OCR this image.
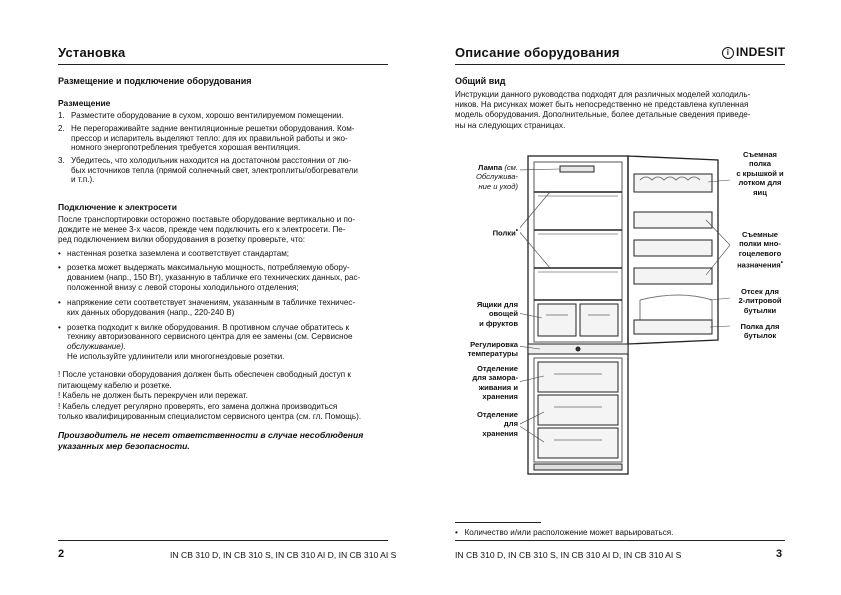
Установка
Размещение и подключение оборудования
Размещение
1. Разместите оборудование в сухом, хорошо вентилируемом помещении.
2. Не перегораживайте задние вентиляционные решетки оборудования. Ком-
прессор и испаритель выделяют тепло: для их правильной работы и эко-
номного энергопотребления требуется хорошая вентиляция.
3. Убедитесь, что холодильник находится на достаточном расстоянии от лю-
бых источников тепла (прямой солнечный свет, электроплиты/обогреватели
и т.п.).
Подключение к электросети
После транспортировки осторожно поставьте оборудование вертикально и по-
дождите не менее 3-х часов, прежде чем подключить его к электросети. Пе-
ред подключением вилки оборудования в розетку проверьте, что:
• настенная розетка заземлена и соответствует стандартам;
• розетка может выдержать максимальную мощность, потребляемую обору-
дованием (напр., 150 Вт), указанную в табличке его технических данных, рас-
положенной внизу с левой стороны холодильного отделения;
• напряжение сети соответствует значениям, указанным в табличке техничес-
ких данных оборудования (напр., 220-240 В)
• розетка подходит к вилке оборудования. В противном случае обратитесь к
технику авторизованного сервисного центра для ее замены (см. Сервисное
обслуживание).
Не используйте удлинители или многогнездовые розетки.
! После установки оборудования должен быть обеспечен свободный доступ к
питающему кабелю и розетке.
! Кабель не должен быть перекручен или пережат.
! Кабель следует регулярно проверять, его замена должна производиться
только квалифицированным специалистом сервисного центра (см. гл. Помощь).
Производитель не несет ответственности в случае несоблюдения
указанных мер безопасности.
2	IN CB 310 D, IN CB 310 S, IN CB 310 AI D, IN CB 310 AI S
Описание оборудования	i INDESIT
Общий вид
Инструкции данного руководства подходят для различных моделей холодиль-
ников. На рисунках может быть непосредственно не представлена купленная
модель оборудования. Дополнительные, более детальные сведения приведе-
ны на следующих страницах.
Лампа (см.
Обслужива-
ние и уход)
Полки•
Ящики для
овощей
и фруктов
Регулировка
температуры
Отделение
для замора-
живания и
хранения
Отделение
для
хранения
Съемная
полка
с крышкой и
лотком для
яиц
Съемные
полки мно-
гоцелевого
назначения•
Отсек для
2-литровой
бутылки
Полка для
бутылок
• Количество и/или расположение может варьироваться.
IN CB 310 D, IN CB 310 S, IN CB 310 AI D, IN CB 310 AI S	3
